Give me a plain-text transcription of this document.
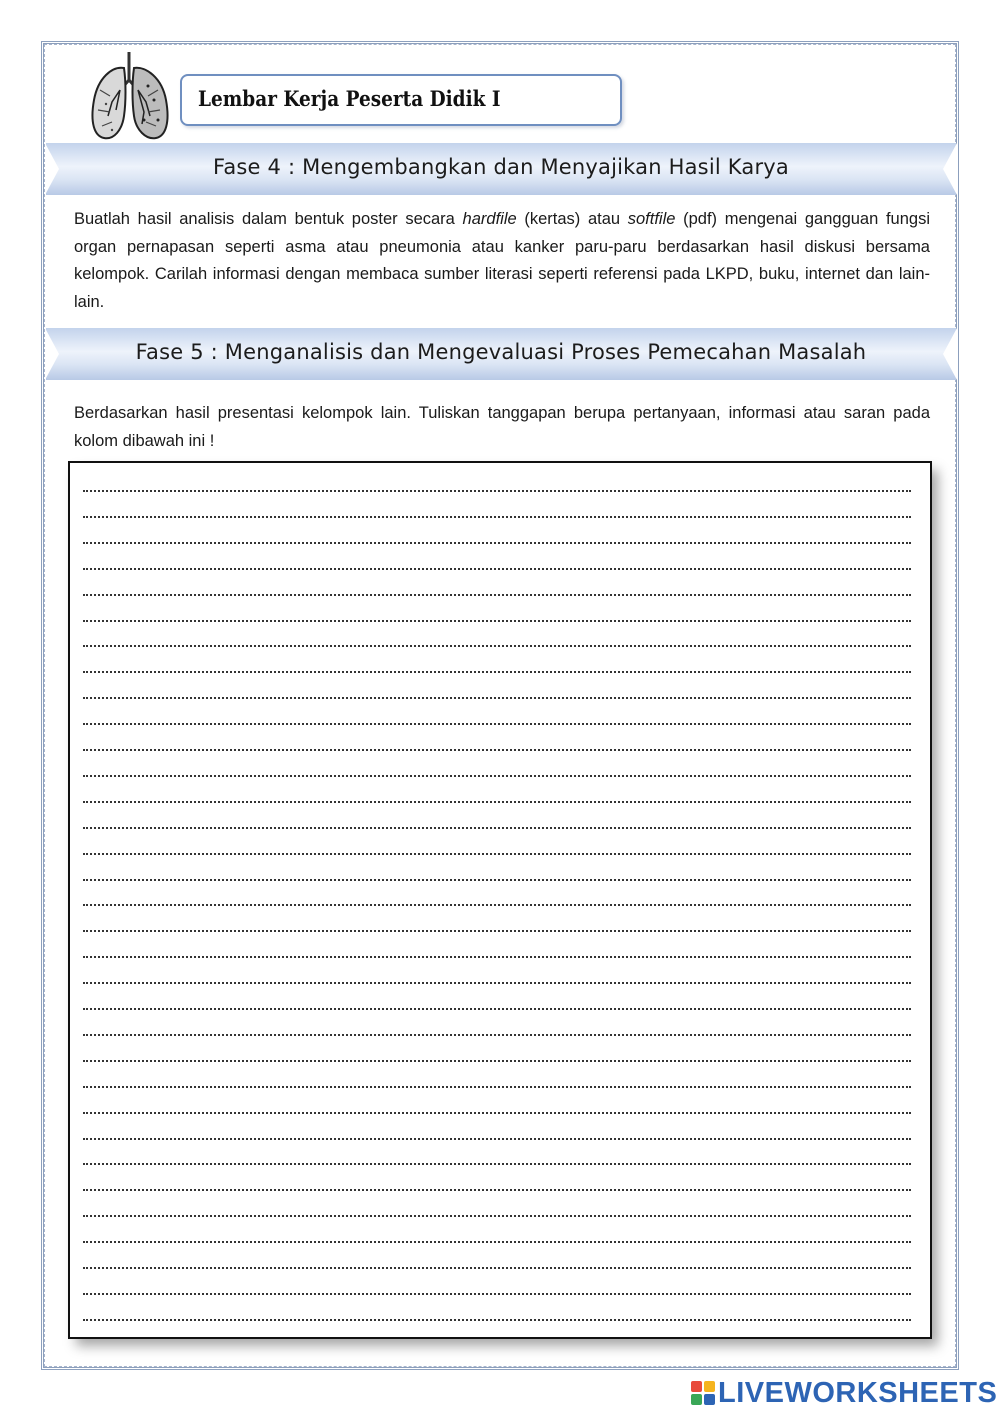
Lembar Kerja Peserta Didik I
Fase 4 : Mengembangkan dan Menyajikan Hasil Karya
Buatlah hasil analisis dalam bentuk poster secara hardfile (kertas) atau softfile (pdf) mengenai gangguan fungsi organ pernapasan seperti asma atau pneumonia atau kanker paru-paru berdasarkan hasil diskusi bersama kelompok. Carilah informasi dengan membaca sumber literasi seperti referensi pada LKPD, buku, internet dan lain-lain.
Fase 5 : Menganalisis dan Mengevaluasi Proses Pemecahan Masalah
Berdasarkan hasil presentasi kelompok lain. Tuliskan tanggapan berupa pertanyaan, informasi atau saran pada kolom dibawah ini !
LIVEWORKSHEETS
